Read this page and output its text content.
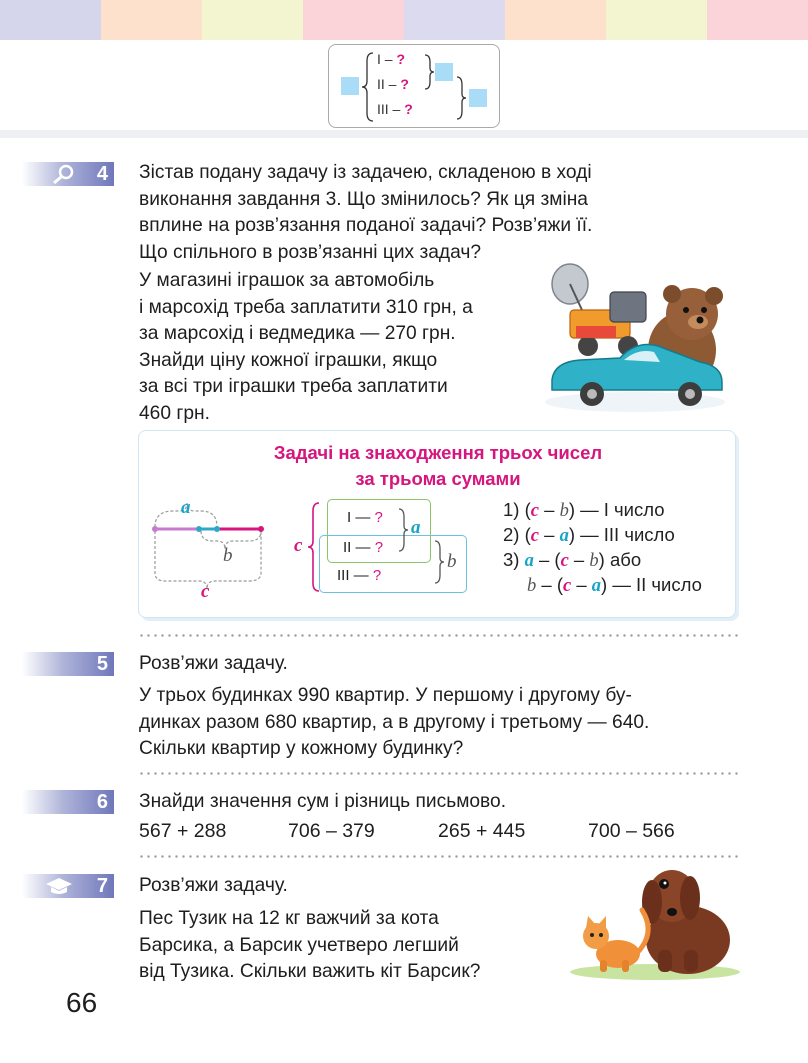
I – ?
II – ?
III – ?
4 Зістав подану задачу із задачею, складеною в ході
виконання завдання 3. Що змінилось? Як ця зміна
вплине на розв’язання поданої задачі? Розв’яжи її.
Що спільного в розв’язанні цих задач?
У магазині іграшок за автомобіль
і марсохід треба заплатити 310 грн, а
за марсохід і ведмедика — 270 грн.
Знайди ціну кожної іграшки, якщо
за всі три іграшки треба заплатити
460 грн.
Задачі на знаходження трьох чисел
за трьома сумами
a
b
c
c
I — ?
II — ?
III — ?
a
b
1) (c – b) — I число
2) (c – a) — III число
3) a – (c – b) або
b – (c – a) — II число
5 Розв’яжи задачу.
У трьох будинках 990 квартир. У першому і другому бу-
динках разом 680 квартир, а в другому і третьому — 640.
Скільки квартир у кожному будинку?
6 Знайди значення сум і різниць письмово.
567 + 288	706 – 379	265 + 445	700 – 566
7 Розв’яжи задачу.
Пес Тузик на 12 кг важчий за кота
Барсика, а Барсик учетверо легший
від Тузика. Скільки важить кіт Барсик?
66
